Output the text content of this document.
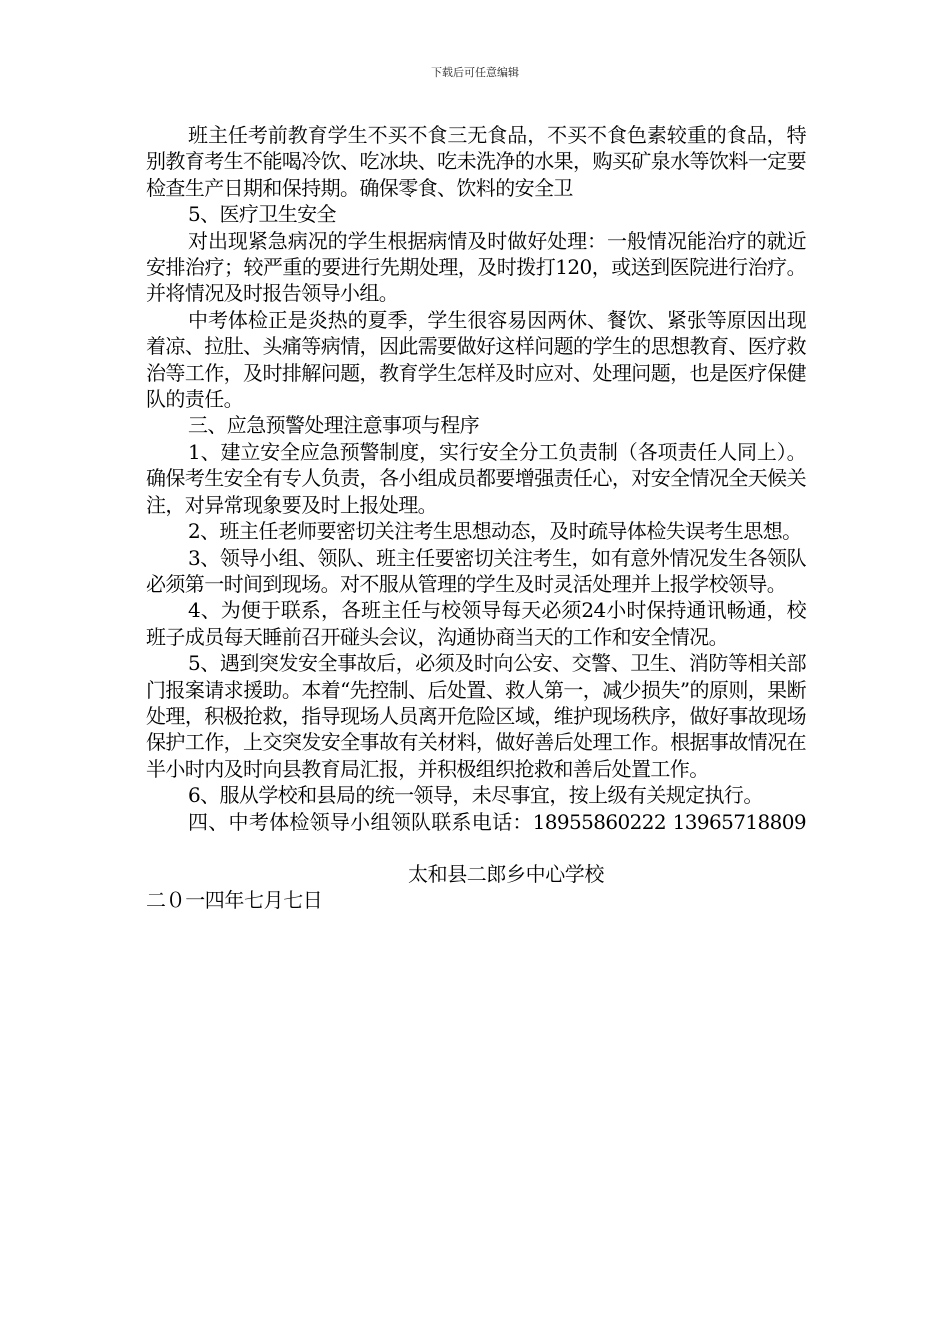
下载后可任意编辑

班主任考前教育学生不买不食三无食品，不买不食色素较重的食品，特别教育考生不能喝冷饮、吃冰块、吃未洗净的水果，购买矿泉水等饮料一定要检查生产日期和保持期。确保零食、饮料的安全卫

5、医疗卫生安全

对出现紧急病况的学生根据病情及时做好处理：一般情况能治疗的就近安排治疗；较严重的要进行先期处理，及时拨打120，或送到医院进行治疗。并将情况及时报告领导小组。

中考体检正是炎热的夏季，学生很容易因两休、餐饮、紧张等原因出现着凉、拉肚、头痛等病情，因此需要做好这样问题的学生的思想教育、医疗救治等工作，及时排解问题，教育学生怎样及时应对、处理问题，也是医疗保健队的责任。

三、应急预警处理注意事项与程序

1、建立安全应急预警制度，实行安全分工负责制（各项责任人同上）。确保考生安全有专人负责，各小组成员都要增强责任心，对安全情况全天候关注，对异常现象要及时上报处理。

2、班主任老师要密切关注考生思想动态，及时疏导体检失误考生思想。

3、领导小组、领队、班主任要密切关注考生，如有意外情况发生各领队必须第一时间到现场。对不服从管理的学生及时灵活处理并上报学校领导。

4、为便于联系，各班主任与校领导每天必须24小时保持通讯畅通，校班子成员每天睡前召开碰头会议，沟通协商当天的工作和安全情况。

5、遇到突发安全事故后，必须及时向公安、交警、卫生、消防等相关部门报案请求援助。本着“先控制、后处置、救人第一，减少损失”的原则，果断处理，积极抢救，指导现场人员离开危险区域，维护现场秩序，做好事故现场保护工作，上交突发安全事故有关材料，做好善后处理工作。根据事故情况在半小时内及时向县教育局汇报，并积极组织抢救和善后处置工作。

6、服从学校和县局的统一领导，未尽事宜，按上级有关规定执行。

四、中考体检领导小组领队联系电话：18955860222 13965718809

太和县二郎乡中心学校

二０一四年七月七日
